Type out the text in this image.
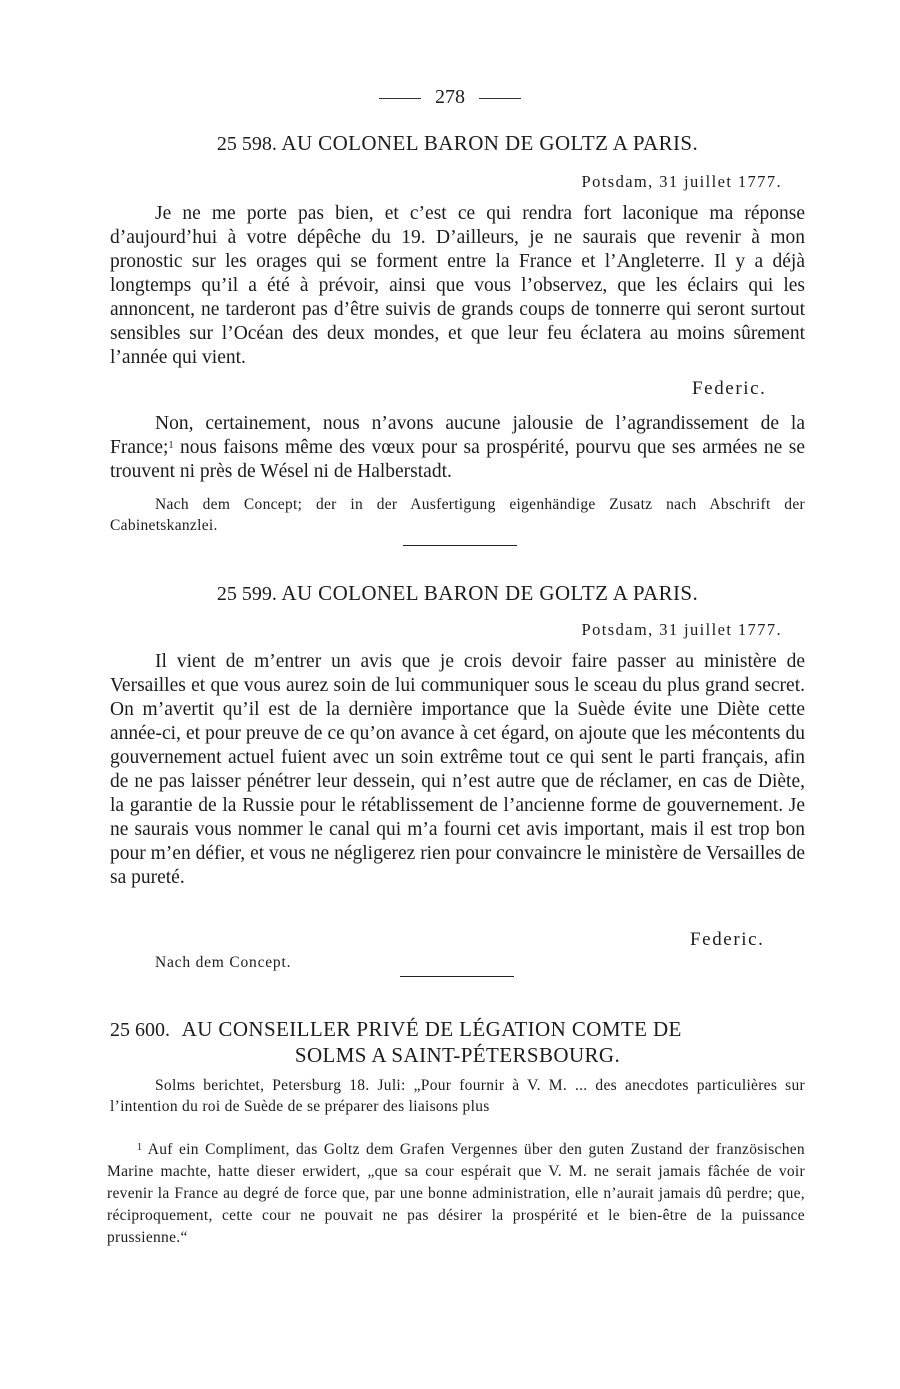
278
25 598. AU COLONEL BARON DE GOLTZ A PARIS.
Potsdam, 31 juillet 1777.

Je ne me porte pas bien, et c’est ce qui rendra fort laconique ma réponse d’aujourd’hui à votre dépêche du 19. D’ailleurs, je ne saurais que revenir à mon pronostic sur les orages qui se forment entre la France et l’Angleterre. Il y a déjà longtemps qu’il a été à prévoir, ainsi que vous l’observez, que les éclairs qui les annoncent, ne tarderont pas d’être suivis de grands coups de tonnerre qui seront surtout sensibles sur l’Océan des deux mondes, et que leur feu éclatera au moins sûrement l’année qui vient.

Federic.

Non, certainement, nous n’avons aucune jalousie de l’agrandissement de la France;$^1$ nous faisons même des vœux pour sa prospérité, pourvu que ses armées ne se trouvent ni près de Wésel ni de Halberstadt.

Nach dem Concept; der in der Ausfertigung eigenhändige Zusatz nach Abschrift der Cabinetskanzlei.

25 599. AU COLONEL BARON DE GOLTZ A PARIS.
Potsdam, 31 juillet 1777.

Il vient de m’entrer un avis que je crois devoir faire passer au ministère de Versailles et que vous aurez soin de lui communiquer sous le sceau du plus grand secret. On m’avertit qu’il est de la dernière importance que la Suède évite une Diète cette année-ci, et pour preuve de ce qu’on avance à cet égard, on ajoute que les mécontents du gouvernement actuel fuient avec un soin extrême tout ce qui sent le parti français, afin de ne pas laisser pénétrer leur dessein, qui n’est autre que de réclamer, en cas de Diète, la garantie de la Russie pour le rétablissement de l’ancienne forme de gouvernement. Je ne saurais vous nommer le canal qui m’a fourni cet avis important, mais il est trop bon pour m’en défier, et vous ne négligerez rien pour convaincre le ministère de Versailles de sa pureté.

Federic.

Nach dem Concept.

25 600. AU CONSEILLER PRIVÉ DE LÉGATION COMTE DE
SOLMS A SAINT-PÉTERSBOURG.

Solms berichtet, Petersburg 18. Juli: „Pour fournir à V. M. ... des anecdotes particulières sur l’intention du roi de Suède de se préparer des liaisons plus

$^1$ Auf ein Compliment, das Goltz dem Grafen Vergennes über den guten Zustand der französischen Marine machte, hatte dieser erwidert, „que sa cour espérait que V. M. ne serait jamais fâchée de voir revenir la France au degré de force que, par une bonne administration, elle n’aurait jamais dû perdre; que, réciproquement, cette cour ne pouvait ne pas désirer la prospérité et le bien-être de la puissance prussienne.“
